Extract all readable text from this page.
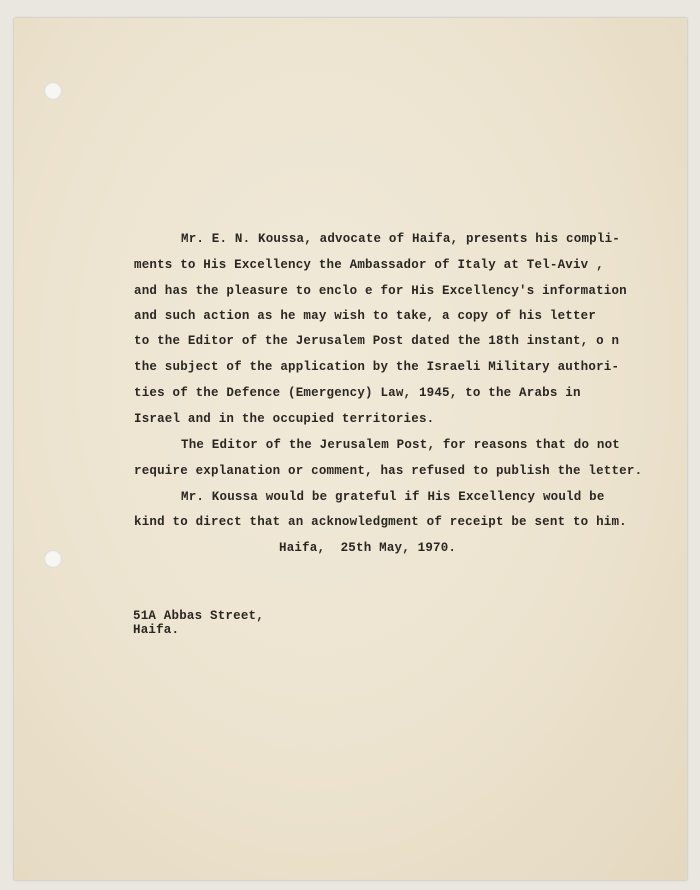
Mr. E. N. Koussa, advocate of Haifa, presents his compli-

ments to His Excellency the Ambassador of Italy at Tel-Aviv ,

and has the pleasure to enclo e for His Excellency's information

and such action as he may wish to take, a copy of his letter

to the Editor of the Jerusalem Post dated the 18th instant, o n

the subject of the application by the Israeli Military authori-

ties of the Defence (Emergency) Law, 1945, to the Arabs in

Israel and in the occupied territories.

The Editor of the Jerusalem Post, for reasons that do not

require explanation or comment, has refused to publish the letter.

Mr. Koussa would be grateful if His Excellency would be

kind to direct that an acknowledgment of receipt be sent to him.

Haifa,  25th May, 1970.

51A Abbas Street,

Haifa.
